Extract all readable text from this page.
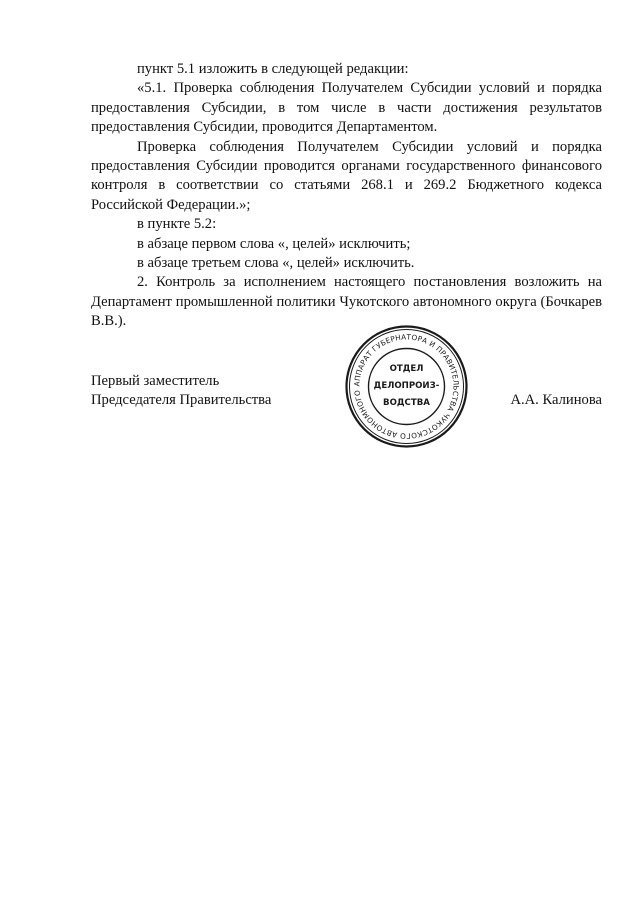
пункт 5.1 изложить в следующей редакции:

«5.1. Проверка соблюдения Получателем Субсидии условий и порядка предоставления Субсидии, в том числе в части достижения результатов предоставления Субсидии, проводится Департаментом.

Проверка соблюдения Получателем Субсидии условий и порядка предоставления Субсидии проводится органами государственного финансового контроля в соответствии со статьями 268.1 и 269.2 Бюджетного кодекса Российской Федерации.»;

в пункте 5.2:

в абзаце первом слова «, целей» исключить;

в абзаце третьем слова «, целей» исключить.

2. Контроль за исполнением настоящего постановления возложить на Департамент промышленной политики Чукотского автономного округа (Бочкарев В.В.).

Первый заместитель
Председателя Правительства
АППАРАТ ГУБЕРНАТОРА И ПРАВИТЕЛЬСТВА ЧУКОТСКОГО АВТОНОМНОГО
ОТДЕЛ
ДЕЛОПРОИЗ-
ВОДСТВА	А.А. Калинова
